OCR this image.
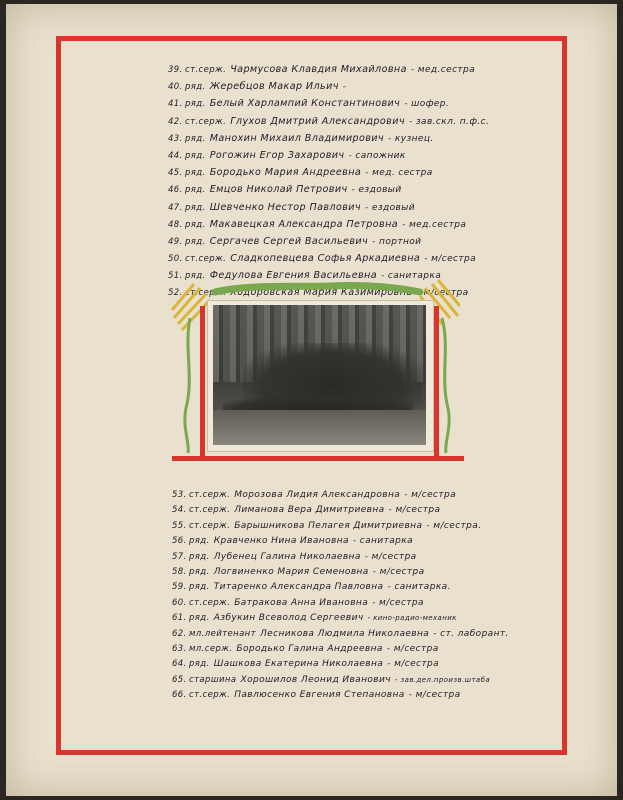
39. ст.серж. Чармусова Клавдия Михайловна - мед.сестра
40. ряд. Жеребцов Макар Ильич -
41. ряд. Белый Харлампий Константинович - шофер.
42. ст.серж. Глухов Дмитрий Александрович - зав.скл. п.ф.с.
43. ряд. Манохин Михаил Владимирович - кузнец.
44. ряд. Рогожин Егор Захарович - сапожник
45. ряд. Бородько Мария Андреевна - мед. сестра
46. ряд. Емцов Николай Петрович - ездовый
47. ряд. Шевченко Нестор Павлович - ездовый
48. ряд. Макавецкая Александра Петровна - мед.сестра
49. ряд. Сергачев Сергей Васильевич - портной
50. ст.серж. Сладкопевцева Софья Аркадиевна - м/сестра
51. ряд. Федулова Евгения Васильевна - санитарка
52. ст.серж. Ходоровская Мария Казимировна - м/сестра
53. ст.серж. Морозова Лидия Александровна - м/сестра
54. ст.серж. Лиманова Вера Димитриевна - м/сестра
55. ст.серж. Барышникова Пелагея Димитриевна - м/сестра.
56. ряд. Кравченко Нина Ивановна - санитарка
57. ряд. Лубенец Галина Николаевна - м/сестра
58. ряд. Логвиненко Мария Семеновна - м/сестра
59. ряд. Титаренко Александра Павловна - санитарка.
60. ст.серж. Батракова Анна Ивановна - м/сестра
61. ряд. Азбукин Всеволод Сергеевич - кино-радио-механик
62. мл.лейтенант Лесникова Людмила Николаевна - ст. лаборант.
63. мл.серж. Бородько Галина Андреевна - м/сестра
64. ряд. Шашкова Екатерина Николаевна - м/сестра
65. старшина Хорошилов Леонид Иванович - зав.дел.произв.штаба
66. ст.серж. Павлюсенко Евгения Степановна - м/сестра
